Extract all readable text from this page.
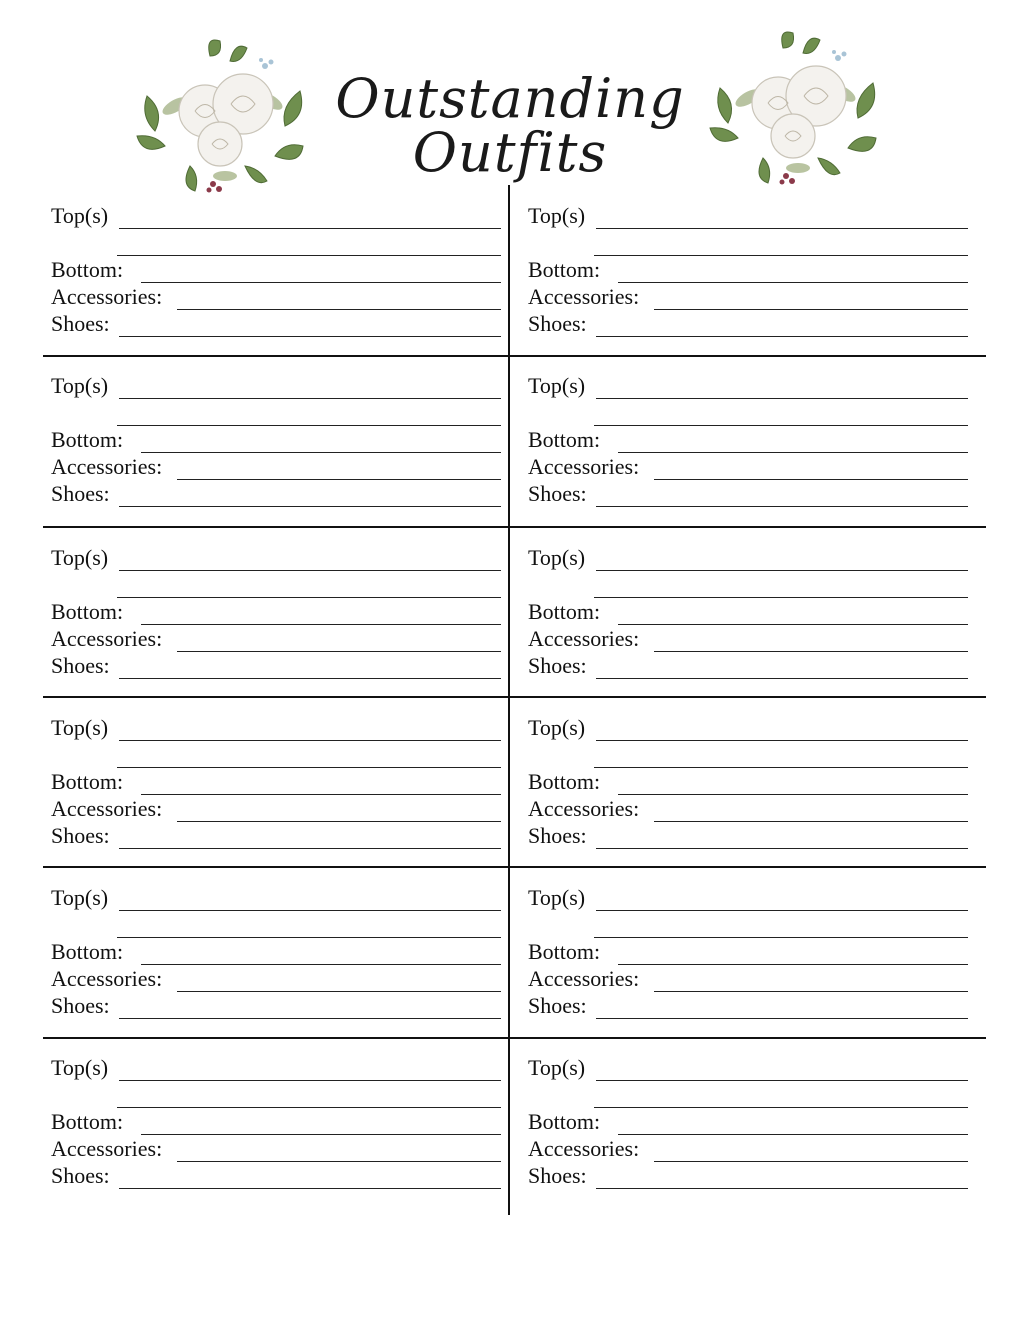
Outstanding Outfits
Top(s)
Bottom:
Accessories:
Shoes:
Top(s)
Bottom:
Accessories:
Shoes:
Top(s)
Bottom:
Accessories:
Shoes:
Top(s)
Bottom:
Accessories:
Shoes:
Top(s)
Bottom:
Accessories:
Shoes:
Top(s)
Bottom:
Accessories:
Shoes:
Top(s)
Bottom:
Accessories:
Shoes:
Top(s)
Bottom:
Accessories:
Shoes:
Top(s)
Bottom:
Accessories:
Shoes:
Top(s)
Bottom:
Accessories:
Shoes:
Top(s)
Bottom:
Accessories:
Shoes:
Top(s)
Bottom:
Accessories:
Shoes:
